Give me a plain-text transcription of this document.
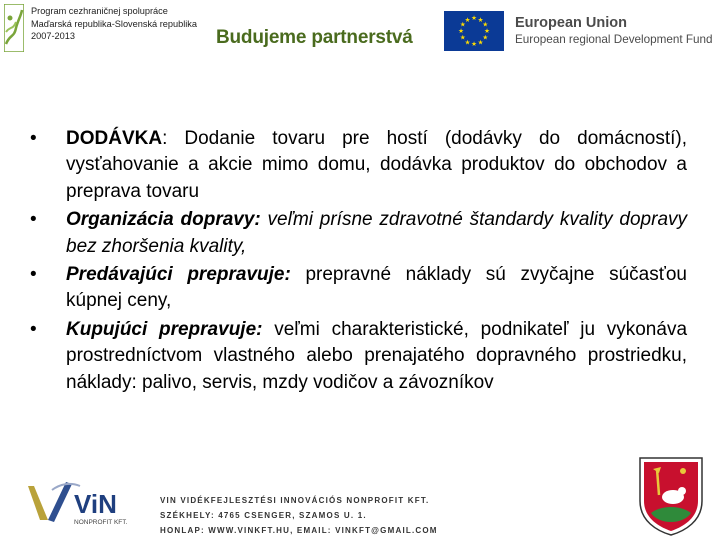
Program cezhraničnej spolupráce
Maďarská republika-Slovenská republika
2007-2013	Budujeme partnerstvá	★
★
★
★
★
★
★
★
★ ★ ★
★ European Union
European regional Development Fund
•	DODÁVKA: Dodanie tovaru pre hostí (dodávky do domácností), vysťahovanie a akcie mimo domu, dodávka produktov do obchodov a preprava tovaru
•	Organizácia dopravy: veľmi prísne zdravotné štandardy kvality dopravy bez zhoršenia kvality,
•	Predávajúci prepravuje: prepravné náklady sú zvyčajne súčasťou kúpnej ceny,
•	Kupujúci prepravuje: veľmi charakteristické, podnikateľ ju vykonáva prostredníctvom vlastného alebo prenajatého dopravného prostriedku, náklady: palivo, servis, mzdy vodičov a závozníkov
ViN
NONPROFIT KFT.
VIN VIDÉKFEJLESZTÉSI INNOVÁCIÓS NONPROFIT KFT.
SZÉKHELY: 4765 CSENGER, SZAMOS U. 1.
HONLAP: WWW.VINKFT.HU, EMAIL: VINKFT@GMAIL.COM
